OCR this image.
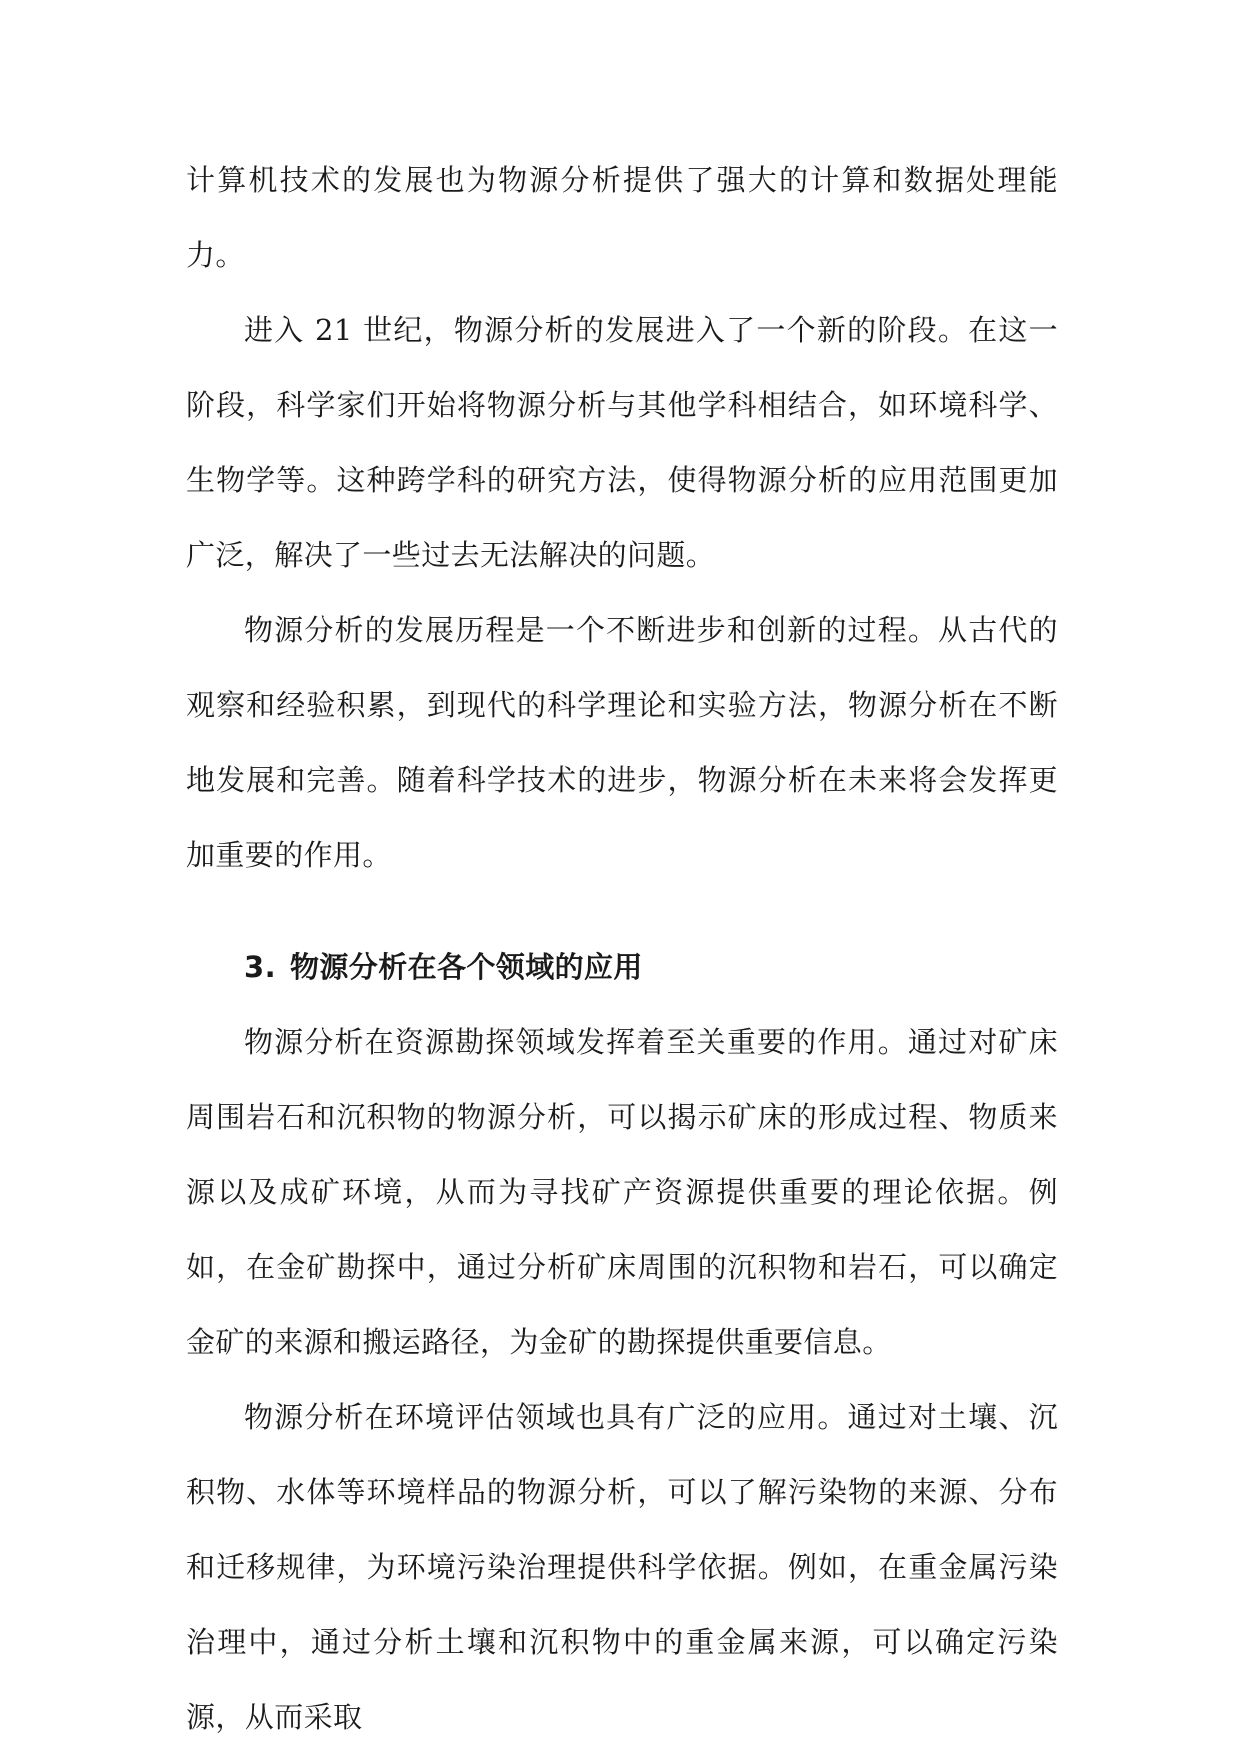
计算机技术的发展也为物源分析提供了强大的计算和数据处理能力。

进入 21 世纪，物源分析的发展进入了一个新的阶段。在这一阶段，科学家们开始将物源分析与其他学科相结合，如环境科学、生物学等。这种跨学科的研究方法，使得物源分析的应用范围更加广泛，解决了一些过去无法解决的问题。

物源分析的发展历程是一个不断进步和创新的过程。从古代的观察和经验积累，到现代的科学理论和实验方法，物源分析在不断地发展和完善。随着科学技术的进步，物源分析在未来将会发挥更加重要的作用。

3. 物源分析在各个领域的应用

物源分析在资源勘探领域发挥着至关重要的作用。通过对矿床周围岩石和沉积物的物源分析，可以揭示矿床的形成过程、物质来源以及成矿环境，从而为寻找矿产资源提供重要的理论依据。例如，在金矿勘探中，通过分析矿床周围的沉积物和岩石，可以确定金矿的来源和搬运路径，为金矿的勘探提供重要信息。

物源分析在环境评估领域也具有广泛的应用。通过对土壤、沉积物、水体等环境样品的物源分析，可以了解污染物的来源、分布和迁移规律，为环境污染治理提供科学依据。例如，在重金属污染治理中，通过分析土壤和沉积物中的重金属来源，可以确定污染源，从而采取
